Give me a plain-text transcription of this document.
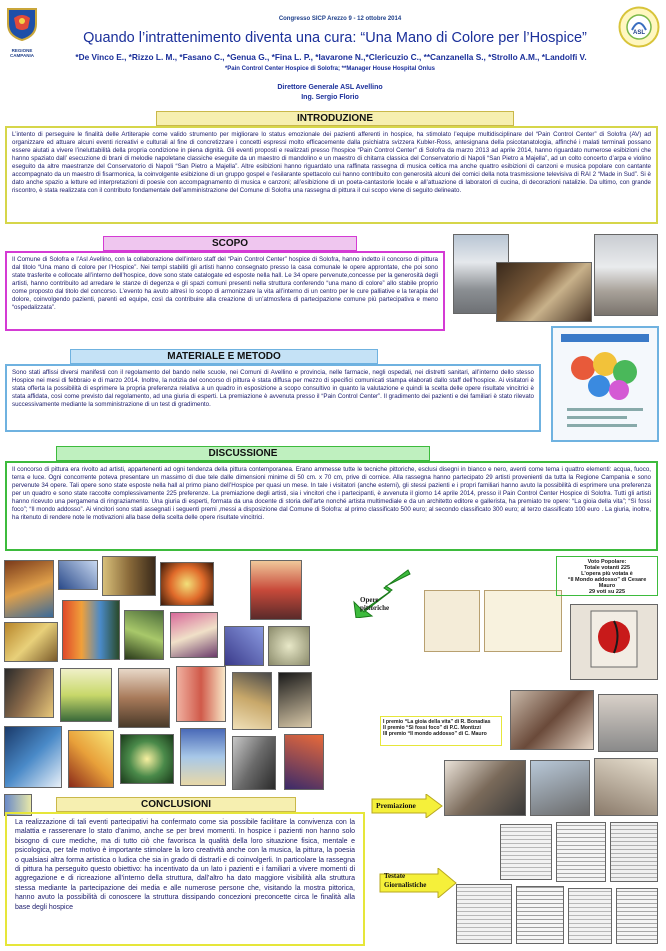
REGIONE CAMPANIA
ASL
Congresso SICP Arezzo 9 - 12 ottobre 2014
Quando l’intrattenimento diventa una cura: “Una Mano di Colore per l’Hospice”
*De Vinco E., *Rizzo L. M., *Fasano C., *Genua G., *Fina L. P., *Iavarone N.,*Clericuzio C., **Canzanella S., *Strollo A.M., *Landolfi V.
*Pain Control Center Hospice di Solofra; **Manager House Hospital Onlus
Direttore Generale ASL Avellino
Ing. Sergio Florio
INTRODUZIONE
L’intento di perseguire le finalità delle Artiterapie come valido strumento per migliorare lo status emozionale dei pazienti afferenti in hospice, ha stimolato l’equipe multidisciplinare del “Pain Control Center” di Solofra (AV) ad organizzare ed attuare alcuni eventi ricreativi e culturali al fine di concretizzare i concetti espressi molto efficacemente dalla psichiatra svizzera Kubler-Ross, antesignana della psicotanatologia, affinché i malati terminali possano essere aiutati a vivere l’ineluttabilità della propria condizione in piena dignità. Gli eventi proposti e realizzati presso l’hospice “Pain Control Center” di Solofra da marzo 2013 ad aprile 2014, hanno riguardato numerose esibizioni che hanno spaziato dall’ esecuzione di brani di melodie napoletane classiche eseguite da un maestro di mandolino e un maestro di chitarra classica del Conservatorio di Napoli “San Pietro a Majella”, ad un colto concerto d’arpa e violino eseguito da altre maestranze del Conservatorio di Napoli “San Pietro a Majella”. Altre esibizioni hanno riguardato una raffinata rassegna di musica celtica ma anche quattro esibizioni di canzoni e musica popolare con cantante accompagnato da un maestro di fisarmonica, la coinvolgente esibizione di un gruppo gospel e l’esilarante spettacolo cui hanno contribuito con generosità alcuni dei comici della nota trasmissione televisiva di RAI 2 “Made in Sud”. Si è dato anche spazio a letture ed interpretazioni di poesie con accompagnamento di musica e canzoni; all’esibizione di un poeta-cantastorie locale e all’attuazione di laboratori di cucina, di decorazioni natalizie. Da ultimo, con grande riscontro, è stata realizzata con il contributo fondamentale dell’amministrazione del Comune di Solofra una rassegna di pittura il cui scopo viene di seguito delineato.
SCOPO
Il Comune di Solofra e l’Asl Avellino, con la collaborazione dell’intero staff del “Pain Control Center” hospice di Solofra, hanno indetto il concorso di pittura dal titolo “Una mano di colore per l’Hospice”. Nei tempi stabiliti gli artisti hanno consegnato presso la casa comunale le opere approntate, che poi sono state trasferite e collocate all’interno dell’hospice, dove sono state catalogate ed esposte nella hall. Le 34 opere pervenute,concesse per la generosità degli artisti, hanno contribuito ad arredare le stanze di degenza e gli spazi comuni presenti nella struttura conferendo “una mano di colore” allo stabile proprio come proposto dal titolo del concorso. L’evento ha avuto altresì lo scopo di armonizzare la vita all’interno di un centro per le cure palliative e la terapia del dolore, coinvolgendo pazienti, parenti ed equipe, così da contribuire alla creazione di un’atmosfera di partecipazione comune più partecipativa e meno “ospedalizzata”.
MATERIALE E METODO
Sono stati affissi diversi manifesti con il regolamento del bando nelle scuole, nei Comuni di Avellino e provincia, nelle farmacie, negli ospedali, nei distretti sanitari, all’interno dello stesso Hospice nei mesi di febbraio e di marzo 2014. Inoltre, la notizia del concorso di pittura è stata diffusa per mezzo di specifici comunicati stampa elaborati dallo staff dell’hospice. Ai visitatori è stata offerta la possibilità di esprimere la propria preferenza relativa a un quadro in esposizione a scopo consultivo in quanto la valutazione e quindi la scelta delle opere risultate vincitrici è stata affidata, così come previsto dal regolamento, ad una giuria di esperti. La premiazione è avvenuta presso il “Pain Control Center”. Il gradimento dei pazienti e dei familiari è stato rilevato successivamente mediante la somministrazione di un test di gradimento.
DISCUSSIONE
Il concorso di pittura era rivolto ad artisti, appartenenti ad ogni tendenza della pittura contemporanea. Erano ammesse tutte le tecniche pittoriche, esclusi disegni in bianco e nero, aventi come tema i quattro elementi: acqua, fuoco, terra e luce. Ogni concorrente poteva presentare un massimo di due tele dalle dimensioni minime di 50 cm. x 70 cm, prive di cornice. Alla rassegna hanno partecipato 29 artisti provenienti da tutta la Regione Campania e sono pervenute 34 opere. Tali opere sono state esposte nella hall al primo piano dell’Hospice per quasi un mese. In tale i visitatori (anche esterni), gli stessi pazienti e i propri familiari hanno avuto la possibilità di esprimere una preferenza per un quadro e sono state raccolte complessivamente 225 preferenze. La premiazione degli artisti, sia i vincitori che i partecipanti, è avvenuta il giorno 14 aprile 2014, presso il Pain Control Center Hospice di Solofra. Tutti gli artisti hanno ricevuto una pergamena di ringraziamento. Una giuria di esperti, formata da una docente di storia dell’arte nonché artista multimediale e da un architetto editore e gallerista, ha premiato tre opere: “La gioia della vita”; “Sì fossi foco”; “Il mondo addosso”. Ai vincitori sono stati assegnati i seguenti premi ,messi a disposizione dal Comune di Solofra: al primo classificato 500 euro; al secondo classificato 300 euro; al terzo classificato 100 euro . La giuria, inoltre, ha ritenuto di rendere note le motivazioni alla base della scelta delle opere risultate vincitrici.
Opere pittoriche
Voto Popolare:
Totale votanti 225
L’opera più votata è
“Il Mondo addosso” di Cesare Mauro
29 voti su 225
I premio “La gioia della vita” di R. Bonadias
II premio “Sì fossi foco” di P.C. Montizzi
III premio “Il mondo addosso” di C. Mauro
Premiazione
Testate Giornalistiche
CONCLUSIONI
La realizzazione di tali eventi partecipativi ha confermato come sia possibile facilitare la convivenza con la malattia e rasserenare lo stato d’animo, anche se per brevi momenti. In hospice i pazienti non hanno solo bisogno di cure mediche, ma di tutto ciò che favorisca la qualità della loro situazione fisica, mentale e psicologica, per tale motivo è importante stimolare la loro creatività anche con la musica, la pittura, la poesia o qualsiasi altra forma artistica o ludica che sia in grado di distrarli e di coinvolgerli. In particolare la rassegna di pittura ha perseguito questo obiettivo: ha incentivato da un lato i pazienti e i familiari a vivere momenti di aggregazione e di ricreazione all’interno della struttura, dall’altro ha dato maggiore visibilità alla struttura stessa mediante la partecipazione dei media e alle numerose persone che, visitando la mostra pittorica, hanno avuto la possibilità di conoscere la struttura dissipando concezioni preconcette circa le finalità alla base degli hospice
